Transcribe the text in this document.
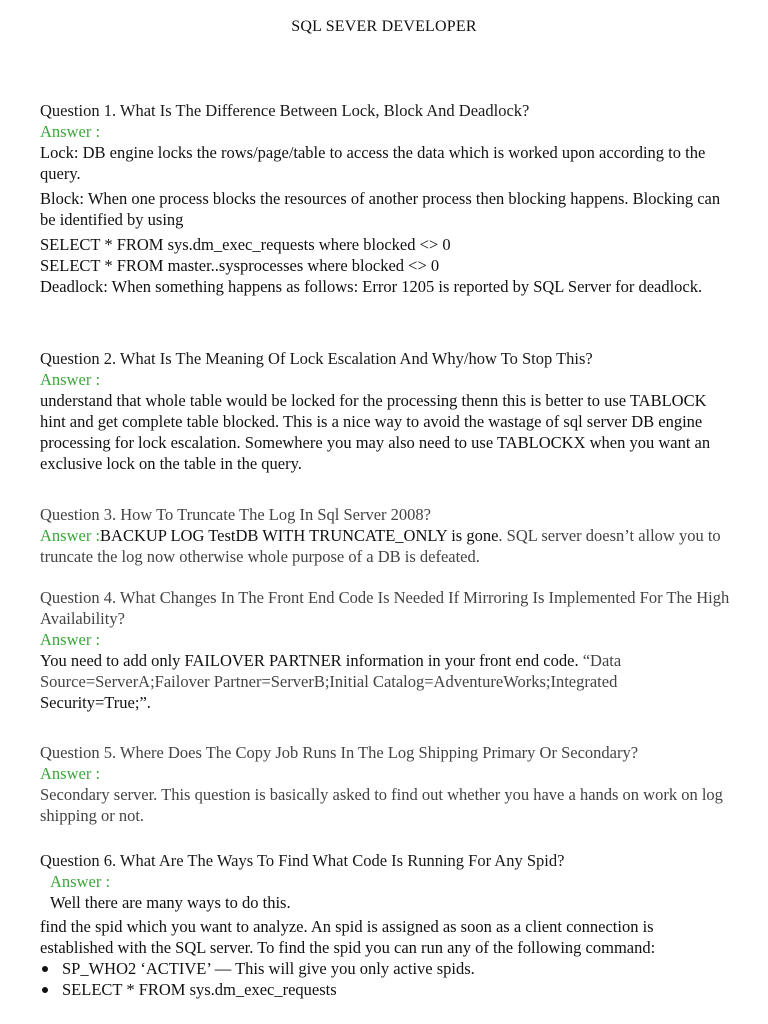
SQL SEVER DEVELOPER

Question 1. What Is The Difference Between Lock, Block And Deadlock?

Answer :

Lock: DB engine locks the rows/page/table to access the data which is worked upon according to the query.

Block: When one process blocks the resources of another process then blocking happens. Blocking can be identified by using

SELECT * FROM sys.dm_exec_requests where blocked <> 0

SELECT * FROM master..sysprocesses where blocked <> 0

Deadlock: When something happens as follows: Error 1205 is reported by SQL Server for deadlock.

Question 2. What Is The Meaning Of Lock Escalation And Why/how To Stop This?

Answer :

understand that whole table would be locked for the processing thenn this is better to use TABLOCK hint and get complete table blocked. This is a nice way to avoid the wastage of sql server DB engine processing for lock escalation. Somewhere you may also need to use TABLOCKX when you want an exclusive lock on the table in the query.

Question 3. How To Truncate The Log In Sql Server 2008?

Answer :BACKUP LOG TestDB WITH TRUNCATE_ONLY is gone. SQL server doesn’t allow you to truncate the log now otherwise whole purpose of a DB is defeated.

Question 4. What Changes In The Front End Code Is Needed If Mirroring Is Implemented For The High Availability?

Answer :

You need to add only FAILOVER PARTNER information in your front end code. “Data Source=ServerA;Failover Partner=ServerB;Initial Catalog=AdventureWorks;Integrated Security=True;”.

Question 5. Where Does The Copy Job Runs In The Log Shipping Primary Or Secondary?

Answer :

Secondary server. This question is basically asked to find out whether you have a hands on work on log shipping or not.

Question 6. What Are The Ways To Find What Code Is Running For Any Spid?

Answer :

Well there are many ways to do this.

find the spid which you want to analyze. An spid is assigned as soon as a client connection is established with the SQL server. To find the spid you can run any of the following command:

SP_WHO2 ‘ACTIVE’ — This will give you only active spids.
SELECT * FROM sys.dm_exec_requests
